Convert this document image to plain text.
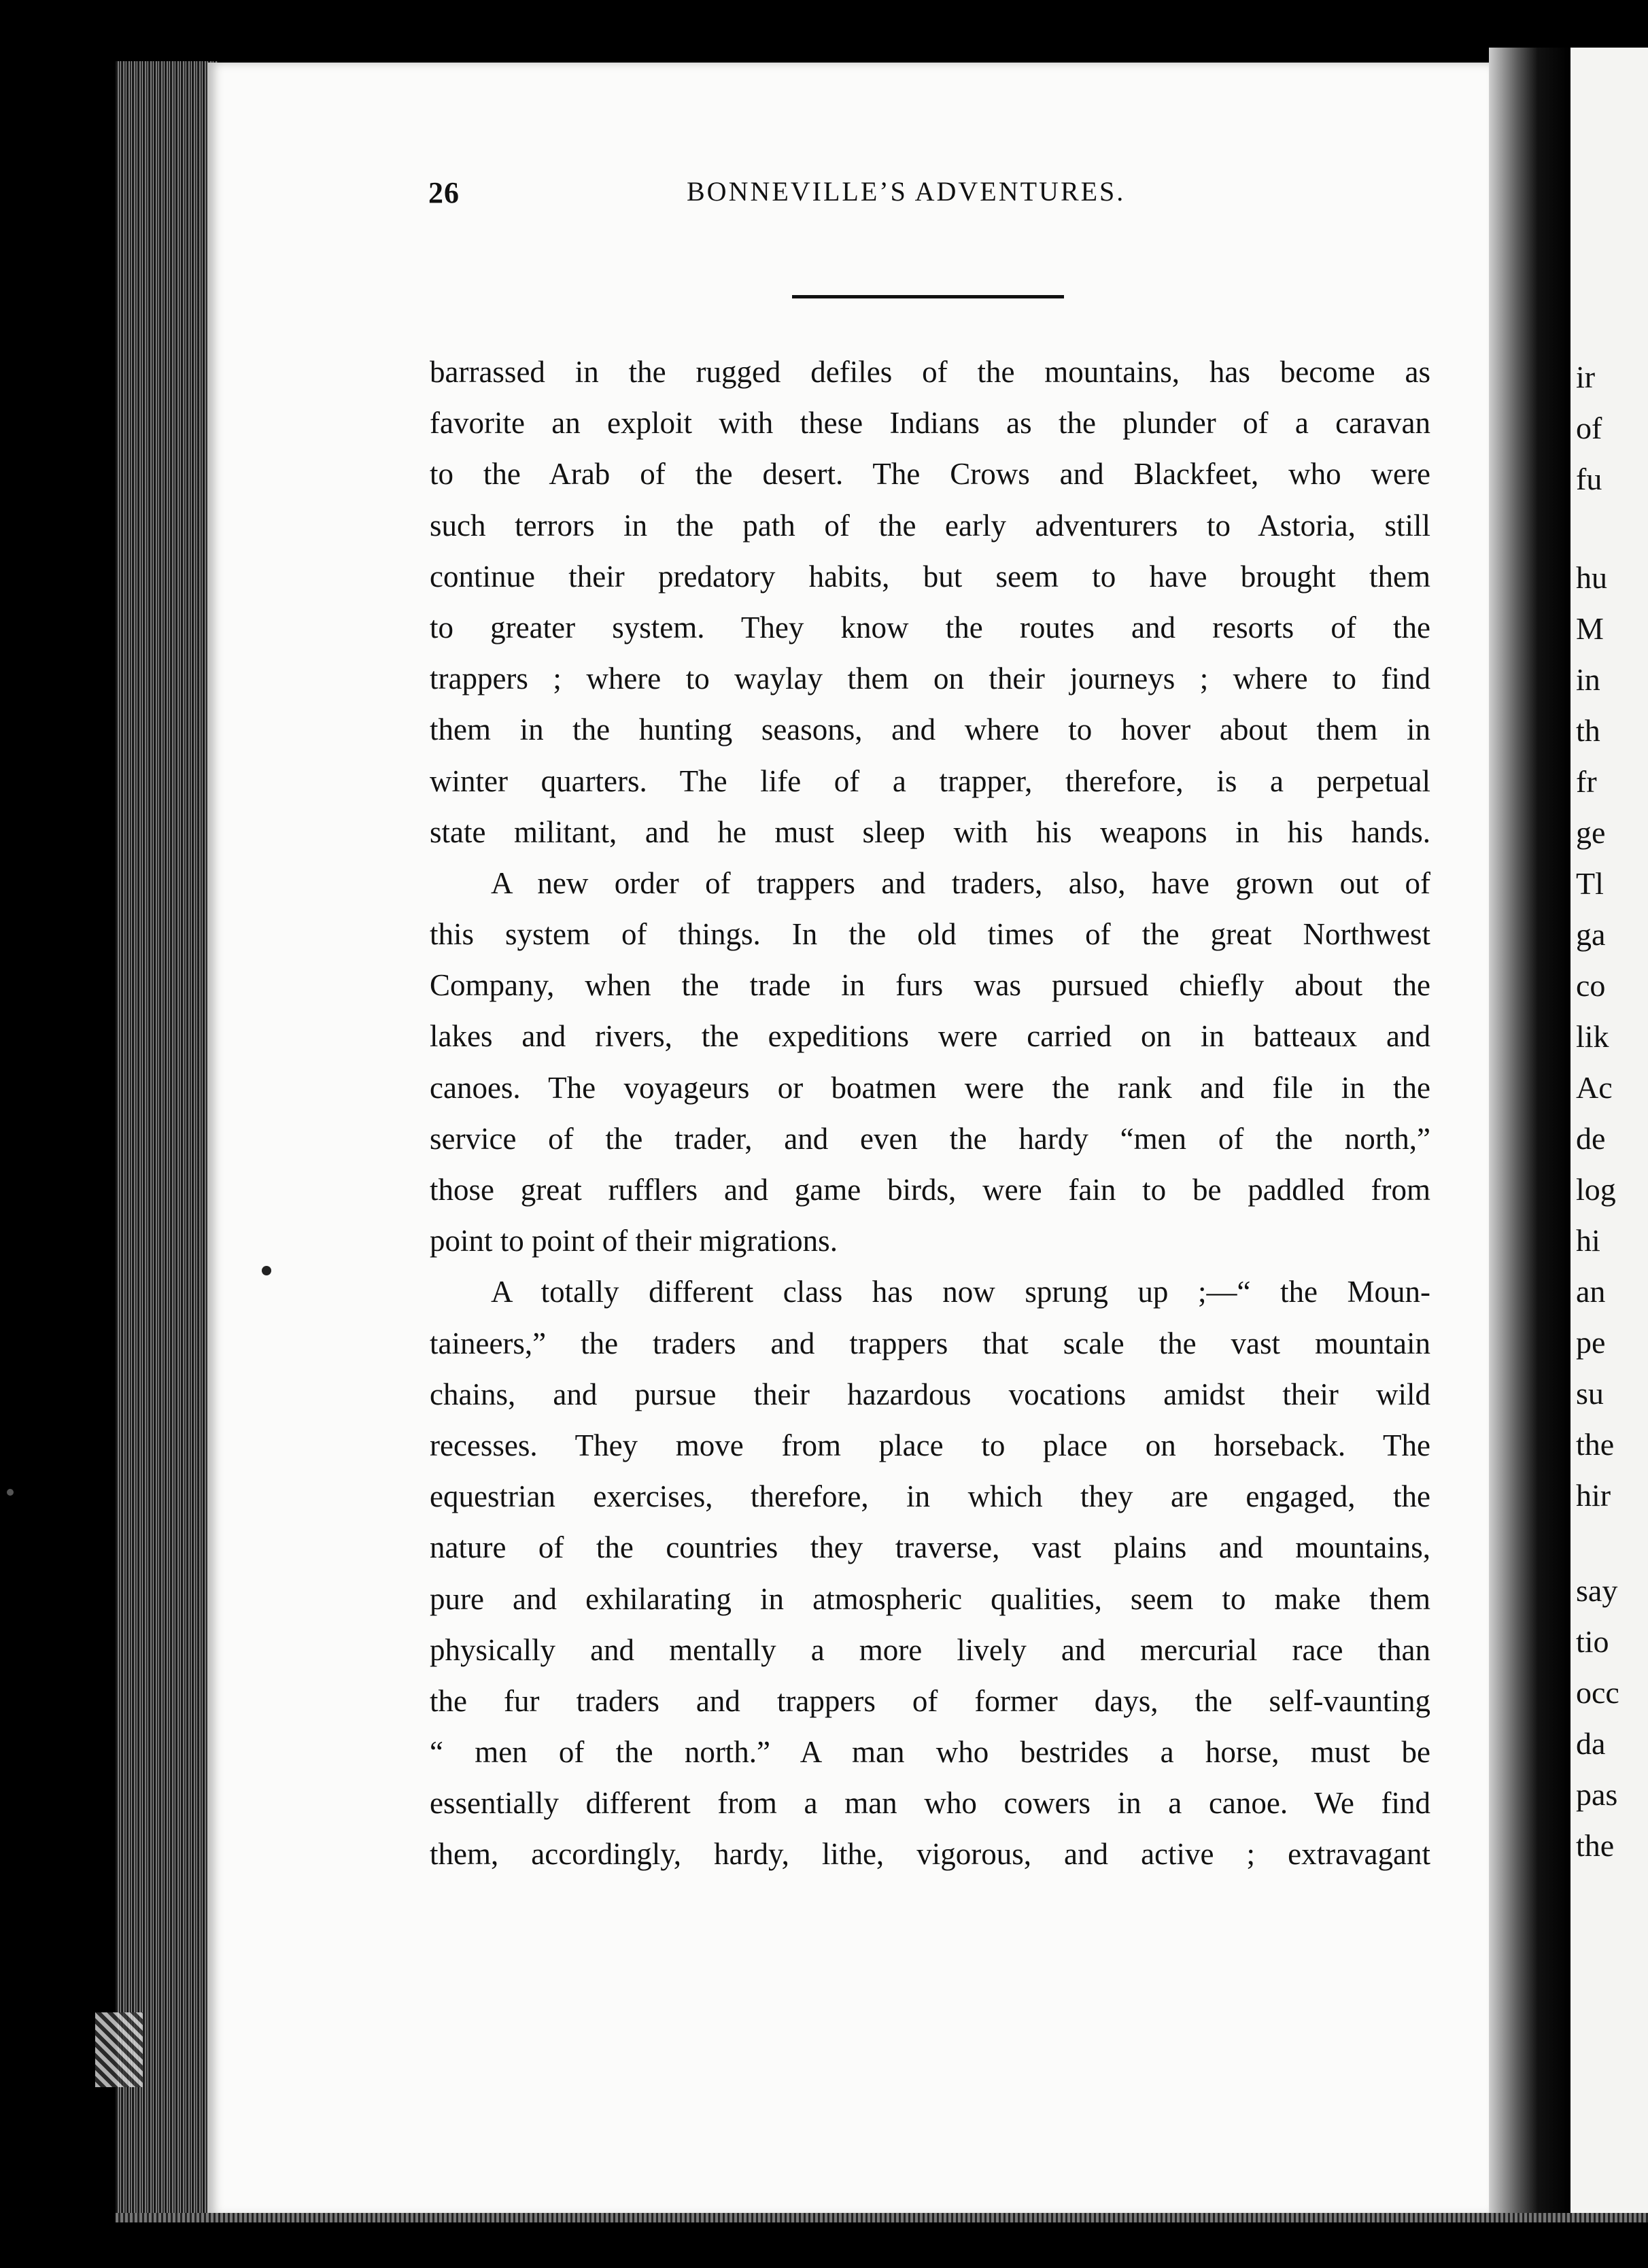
26	BONNEVILLE’S ADVENTURES.
barrassed in the rugged defiles of the mountains, has become as
favorite an exploit with these Indians as the plunder of a caravan
to the Arab of the desert. The Crows and Blackfeet, who were
such terrors in the path of the early adventurers to Astoria, still
continue their predatory habits, but seem to have brought them
to greater system. They know the routes and resorts of the
trappers ; where to waylay them on their journeys ; where to find
them in the hunting seasons, and where to hover about them in
winter quarters. The life of a trapper, therefore, is a perpetual
state militant, and he must sleep with his weapons in his hands.
A new order of trappers and traders, also, have grown out of
this system of things. In the old times of the great Northwest
Company, when the trade in furs was pursued chiefly about the
lakes and rivers, the expeditions were carried on in batteaux and
canoes. The voyageurs or boatmen were the rank and file in the
service of the trader, and even the hardy “men of the north,”
those great rufflers and game birds, were fain to be paddled from
point to point of their migrations.
A totally different class has now sprung up ;—“ the Moun-
taineers,” the traders and trappers that scale the vast mountain
chains, and pursue their hazardous vocations amidst their wild
recesses. They move from place to place on horseback. The
equestrian exercises, therefore, in which they are engaged, the
nature of the countries they traverse, vast plains and mountains,
pure and exhilarating in atmospheric qualities, seem to make them
physically and mentally a more lively and mercurial race than
the fur traders and trappers of former days, the self-vaunting
“ men of the north.” A man who bestrides a horse, must be
essentially different from a man who cowers in a canoe. We find
them, accordingly, hardy, lithe, vigorous, and active ; extravagant
ir
of
fu
hu
M
in
th
fr
ge
Tl
ga
co
lik
Ac
de
log
hi
an
pe
su
the
hir
say
tio
occ
da
pas
the
